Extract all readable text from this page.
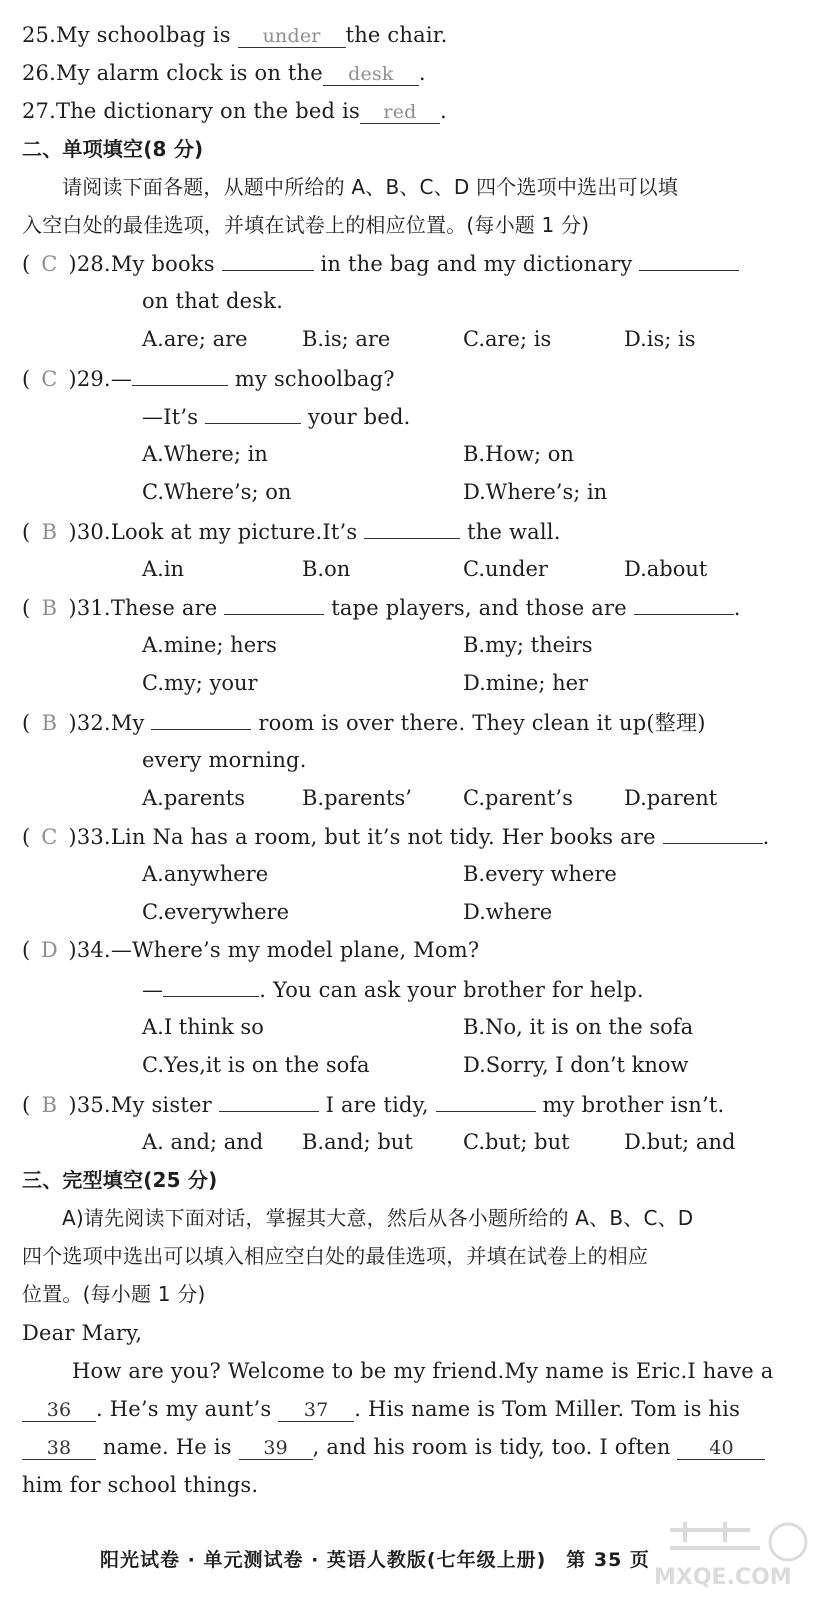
25.My schoolbag is under the chair.
26.My alarm clock is on the desk .
27.The dictionary on the bed is red .
二、单项填空(8 分)
请阅读下面各题，从题中所给的 A、B、C、D 四个选项中选出可以填
入空白处的最佳选项，并填在试卷上的相应位置。(每小题 1 分)
( C )28.My books	in the bag and my dictionary
on that desk.
A.are; are	B.is; are	C.are; is	D.is; is
( C )29.—	my schoolbag?
—It’s	your bed.
A.Where; in	B.How; on
C.Where’s; on	D.Where’s; in
( B )30.Look at my picture.It’s	the wall.
A.in	B.on	C.under	D.about
( B )31.These are	tape players, and those are	.
A.mine; hers	B.my; theirs
C.my; your	D.mine; her
( B )32.My	room is over there. They clean it up(整理)
every morning.
A.parents	B.parents’ C.parent’s D.parent
( C )33.Lin Na has a room, but it’s not tidy. Her books are	.
A.anywhere	B.every where
C.everywhere	D.where
( D )34.—Where’s my model plane, Mom?
—	. You can ask your brother for help.
A.I think so	B.No, it is on the sofa
C.Yes,it is on the sofa	D.Sorry, I don’t know
( B )35.My sister	I are tidy,	my brother isn’t.
A. and; and B.and; but C.but; but	D.but; and
三、完型填空(25 分)
A)请先阅读下面对话，掌握其大意，然后从各小题所给的 A、B、C、D
四个选项中选出可以填入相应空白处的最佳选项，并填在试卷上的相应
位置。(每小题 1 分)
Dear Mary,
How are you? Welcome to be my friend.My name is Eric.I have a
36 . He’s my aunt’s 37 . His name is Tom Miller. Tom is his
38 name. He is 39 , and his room is tidy, too. I often 40
him for school things.
阳光试卷 · 单元测试卷 · 英语人教版(七年级上册)　第 35 页
MXQE.COM
